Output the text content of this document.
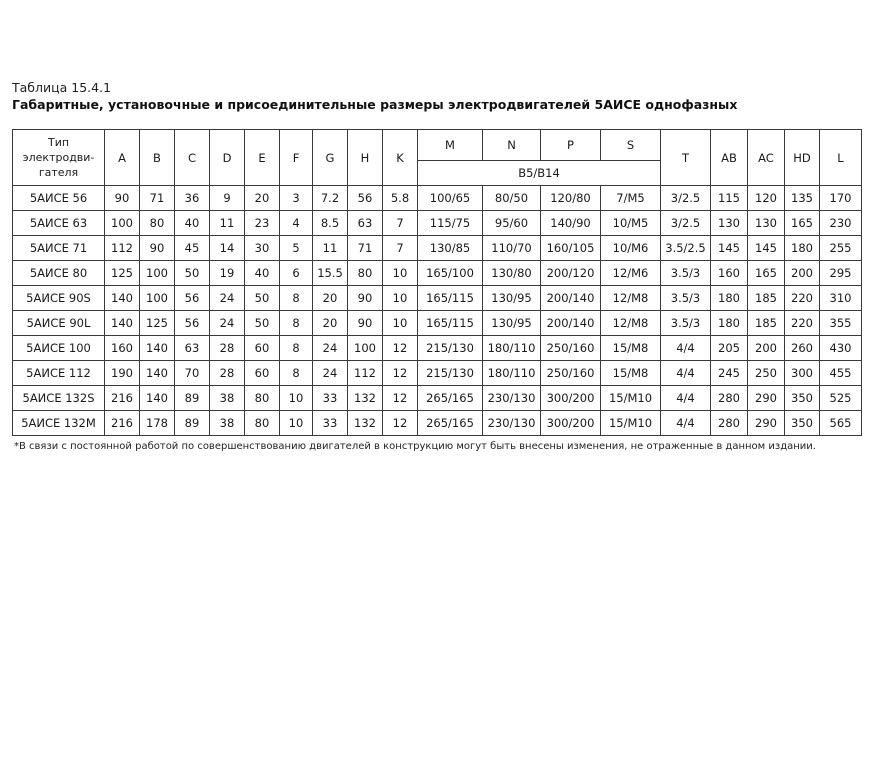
Таблица 15.4.1
Габаритные, установочные и присоединительные размеры электродвигателей 5АИСЕ однофазных
Тип электродви-гателя	A	B	C	D	E	F	G	H	K	M	N	P	S	T	AB	AC	HD	L
										B5/B14								
5АИСЕ 56	90	71	36	9	20	3	7.2	56	5.8	100/65	80/50	120/80	7/M5	3/2.5	115	120	135	170
5АИСЕ 63	100	80	40	11	23	4	8.5	63	7	115/75	95/60	140/90	10/M5	3/2.5	130	130	165	230
5АИСЕ 71	112	90	45	14	30	5	11	71	7	130/85	110/70	160/105	10/M6	3.5/2.5	145	145	180	255
5АИСЕ 80	125	100	50	19	40	6	15.5	80	10	165/100	130/80	200/120	12/M6	3.5/3	160	165	200	295
5АИСЕ 90S	140	100	56	24	50	8	20	90	10	165/115	130/95	200/140	12/M8	3.5/3	180	185	220	310
5АИСЕ 90L	140	125	56	24	50	8	20	90	10	165/115	130/95	200/140	12/M8	3.5/3	180	185	220	355
5АИСЕ 100	160	140	63	28	60	8	24	100	12	215/130	180/110	250/160	15/M8	4/4	205	200	260	430
5АИСЕ 112	190	140	70	28	60	8	24	112	12	215/130	180/110	250/160	15/M8	4/4	245	250	300	455
5АИСЕ 132S	216	140	89	38	80	10	33	132	12	265/165	230/130	300/200	15/M10	4/4	280	290	350	525
5АИСЕ 132M	216	178	89	38	80	10	33	132	12	265/165	230/130	300/200	15/M10	4/4	280	290	350	565
*В связи с постоянной работой по совершенствованию двигателей в конструкцию могут быть внесены изменения, не отраженные в данном издании.
